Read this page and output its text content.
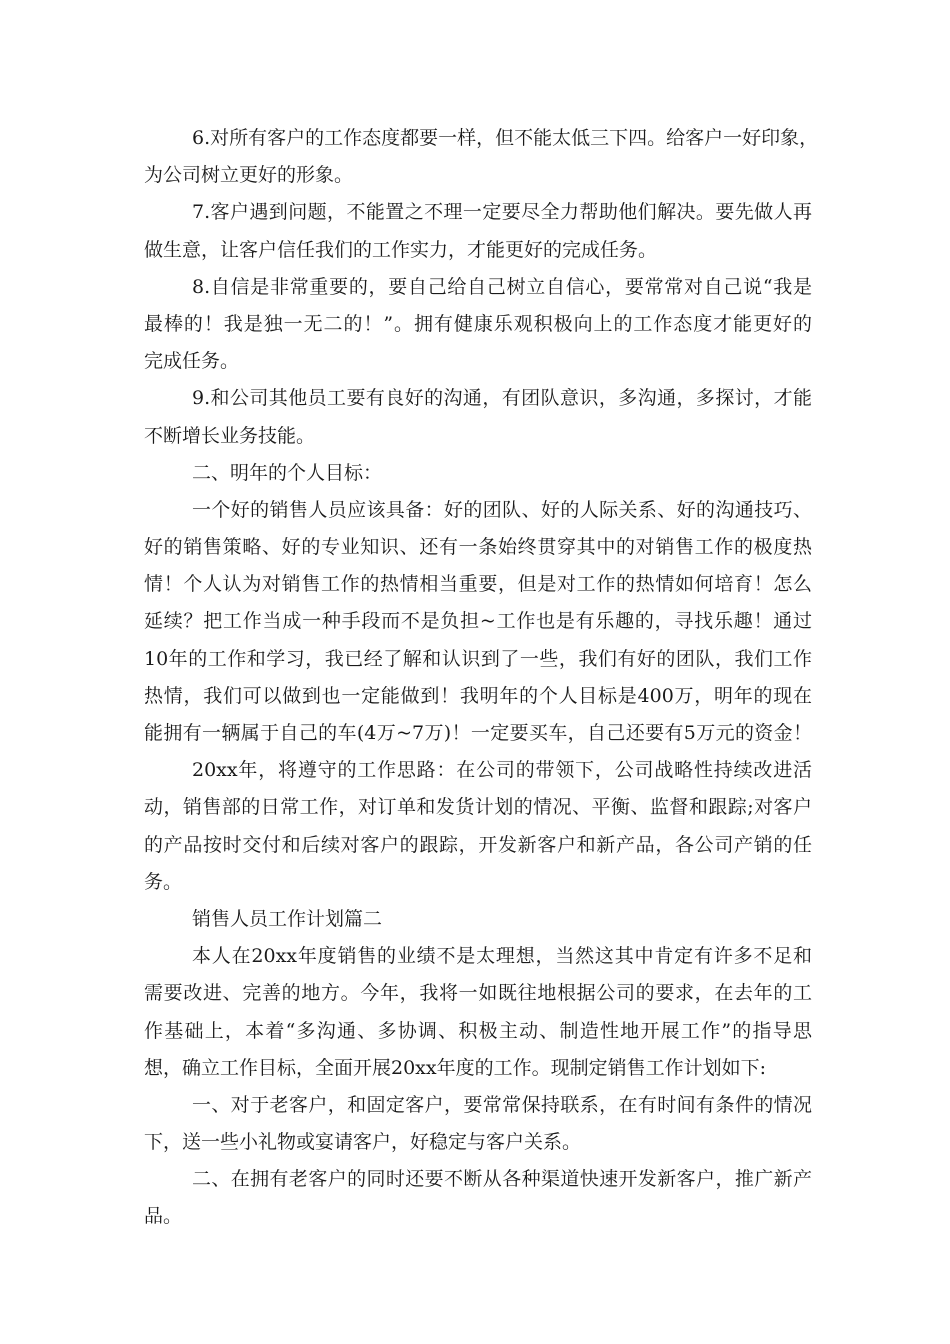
6.对所有客户的工作态度都要一样，但不能太低三下四。给客户一好印象，
为公司树立更好的形象。
7.客户遇到问题，不能置之不理一定要尽全力帮助他们解决。要先做人再
做生意，让客户信任我们的工作实力，才能更好的完成任务。
8.自信是非常重要的，要自己给自己树立自信心，要常常对自己说“我是
最棒的！我是独一无二的！”。拥有健康乐观积极向上的工作态度才能更好的
完成任务。
9.和公司其他员工要有良好的沟通，有团队意识，多沟通，多探讨，才能
不断增长业务技能。
二、明年的个人目标：
一个好的销售人员应该具备：好的团队、好的人际关系、好的沟通技巧、
好的销售策略、好的专业知识、还有一条始终贯穿其中的对销售工作的极度热
情！个人认为对销售工作的热情相当重要，但是对工作的热情如何培育！怎么
延续？把工作当成一种手段而不是负担~工作也是有乐趣的，寻找乐趣！通过
10年的工作和学习，我已经了解和认识到了一些，我们有好的团队，我们工作
热情，我们可以做到也一定能做到！我明年的个人目标是400万，明年的现在
能拥有一辆属于自己的车(4万~7万)！一定要买车，自己还要有5万元的资金！
20xx年，将遵守的工作思路：在公司的带领下，公司战略性持续改进活
动，销售部的日常工作，对订单和发货计划的情况、平衡、监督和跟踪;对客户
的产品按时交付和后续对客户的跟踪，开发新客户和新产品，各公司产销的任
务。
销售人员工作计划篇二
本人在20xx年度销售的业绩不是太理想，当然这其中肯定有许多不足和
需要改进、完善的地方。今年，我将一如既往地根据公司的要求，在去年的工
作基础上，本着“多沟通、多协调、积极主动、制造性地开展工作”的指导思
想，确立工作目标，全面开展20xx年度的工作。现制定销售工作计划如下:
一、对于老客户，和固定客户，要常常保持联系，在有时间有条件的情况
下，送一些小礼物或宴请客户，好稳定与客户关系。
二、在拥有老客户的同时还要不断从各种渠道快速开发新客户，推广新产
品。
